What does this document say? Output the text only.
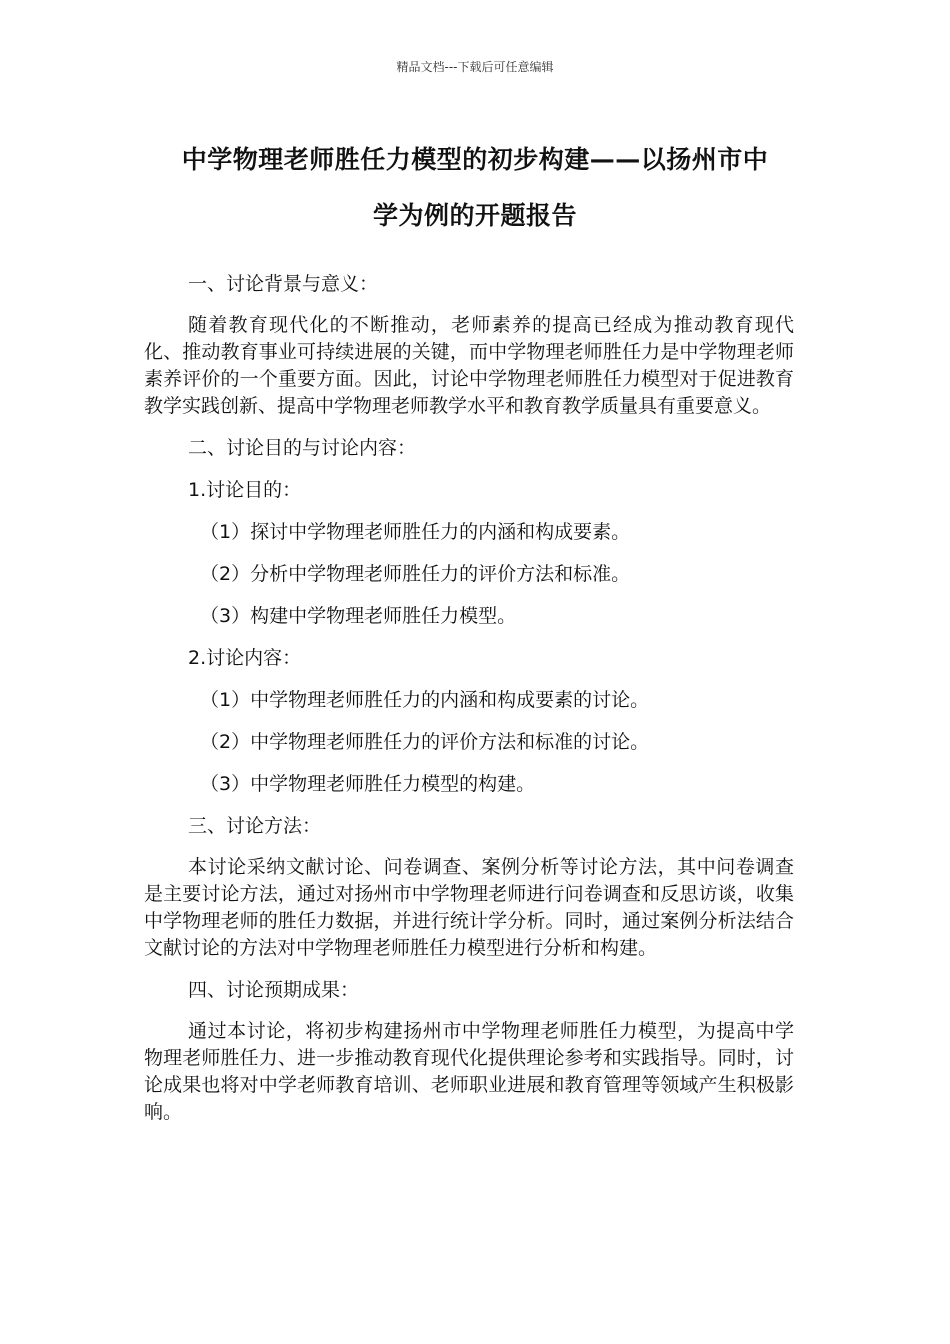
精品文档---下载后可任意编辑
中学物理老师胜任力模型的初步构建——以扬州市中
学为例的开题报告

一、讨论背景与意义：

随着教育现代化的不断推动，老师素养的提高已经成为推动教育现代化、推动教育事业可持续进展的关键，而中学物理老师胜任力是中学物理老师素养评价的一个重要方面。因此，讨论中学物理老师胜任力模型对于促进教育教学实践创新、提高中学物理老师教学水平和教育教学质量具有重要意义。

二、讨论目的与讨论内容：

1.讨论目的：

（1）探讨中学物理老师胜任力的内涵和构成要素。

（2）分析中学物理老师胜任力的评价方法和标准。

（3）构建中学物理老师胜任力模型。

2.讨论内容：

（1）中学物理老师胜任力的内涵和构成要素的讨论。

（2）中学物理老师胜任力的评价方法和标准的讨论。

（3）中学物理老师胜任力模型的构建。

三、讨论方法：

本讨论采纳文献讨论、问卷调查、案例分析等讨论方法，其中问卷调查是主要讨论方法，通过对扬州市中学物理老师进行问卷调查和反思访谈，收集中学物理老师的胜任力数据，并进行统计学分析。同时，通过案例分析法结合文献讨论的方法对中学物理老师胜任力模型进行分析和构建。

四、讨论预期成果：

通过本讨论，将初步构建扬州市中学物理老师胜任力模型，为提高中学物理老师胜任力、进一步推动教育现代化提供理论参考和实践指导。同时，讨论成果也将对中学老师教育培训、老师职业进展和教育管理等领域产生积极影响。
